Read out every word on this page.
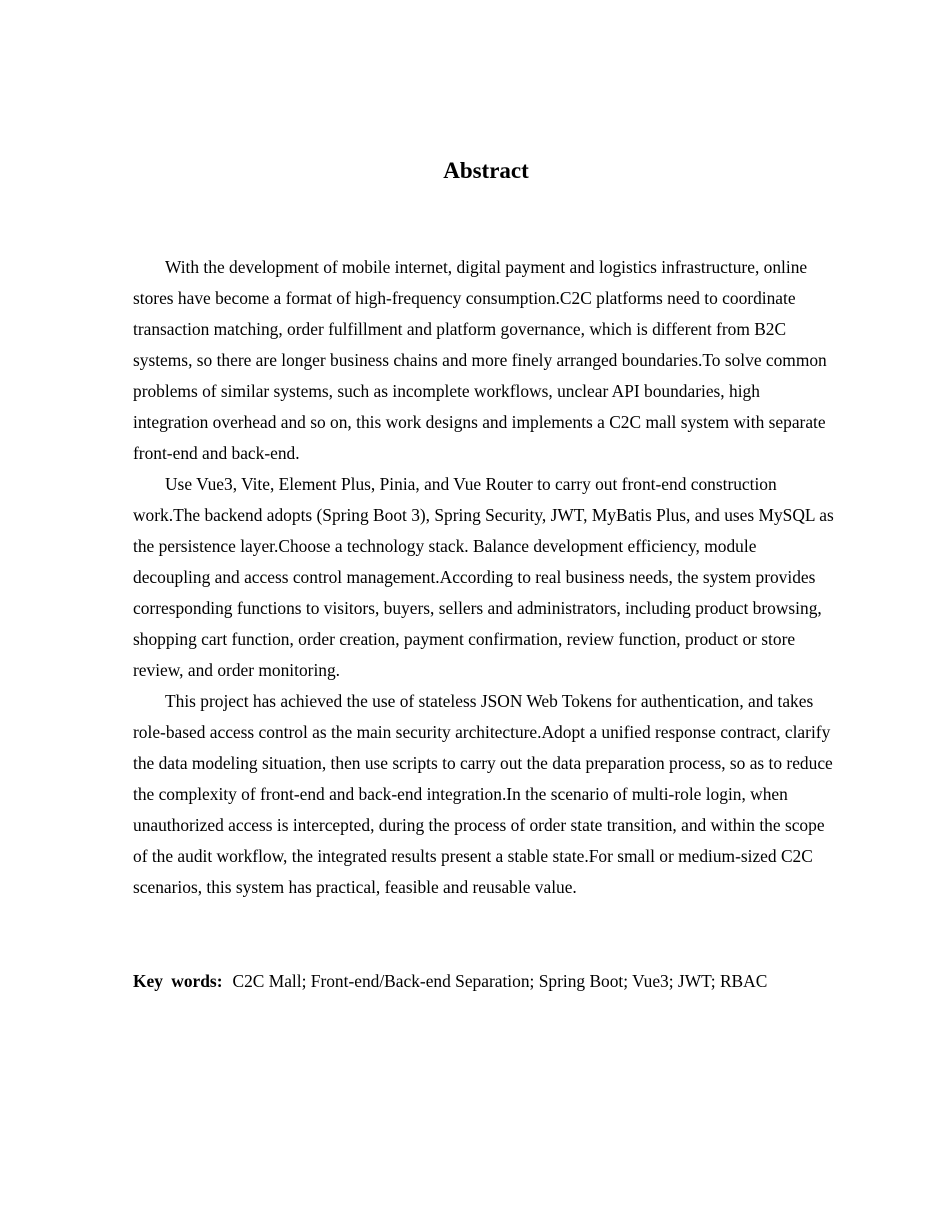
Abstract

With the development of mobile internet, digital payment and logistics infrastructure, online stores have become a format of high-frequency consumption.C2C platforms need to coordinate transaction matching, order fulfillment and platform governance, which is different from B2C systems, so there are longer business chains and more finely arranged boundaries.To solve common problems of similar systems, such as incomplete workflows, unclear API boundaries, high integration overhead and so on, this work designs and implements a C2C mall system with separate front-end and back-end.

Use Vue3, Vite, Element Plus, Pinia, and Vue Router to carry out front-end construction work.The backend adopts (Spring Boot 3), Spring Security, JWT, MyBatis Plus, and uses MySQL as the persistence layer.Choose a technology stack. Balance development efficiency, module decoupling and access control management.According to real business needs, the system provides corresponding functions to visitors, buyers, sellers and administrators, including product browsing, shopping cart function, order creation, payment confirmation, review function, product or store review, and order monitoring.

This project has achieved the use of stateless JSON Web Tokens for authentication, and takes role-based access control as the main security architecture.Adopt a unified response contract, clarify the data modeling situation, then use scripts to carry out the data preparation process, so as to reduce the complexity of front-end and back-end integration.In the scenario of multi-role login, when unauthorized access is intercepted, during the process of order state transition, and within the scope of the audit workflow, the integrated results present a stable state.For small or medium-sized C2C scenarios, this system has practical, feasible and reusable value.

Key words: C2C Mall; Front-end/Back-end Separation; Spring Boot; Vue3; JWT; RBAC
